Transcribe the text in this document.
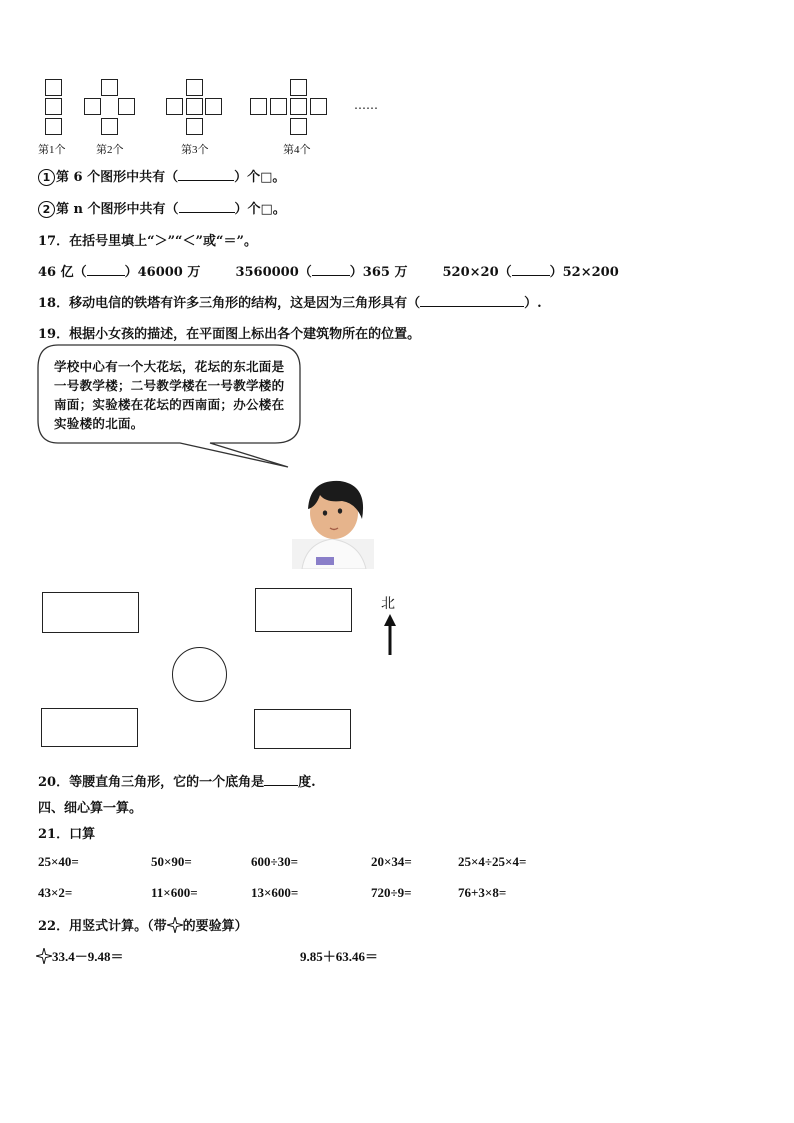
……
第1个	第2个	第3个	第4个
1 第 6 个图形中共有（	）个□。
2 第 n 个图形中共有（	）个□。
17．在括号里填上“＞”“＜”或“＝”。
46 亿（	）46000 万	3560000（	）365 万	520×20（	）52×200
18．移动电信的铁塔有许多三角形的结构，这是因为三角形具有（	）.
19．根据小女孩的描述，在平面图上标出各个建筑物所在的位置。
学校中心有一个大花坛，花坛的东北面是一号教学楼；二号教学楼在一号教学楼的南面；实验楼在花坛的西南面；办公楼在实验楼的北面。
北
20．等腰直角三角形，它的一个底角是	度.
四、细心算一算。
21．口算
25×40=	50×90=	600÷30=	20×34=	25×4÷25×4=
43×2=	11×600=	13×600=	720÷9=	76+3×8=
22．用竖式计算。（带 的要验算）
33.4－9.48＝	9.85＋63.46＝
